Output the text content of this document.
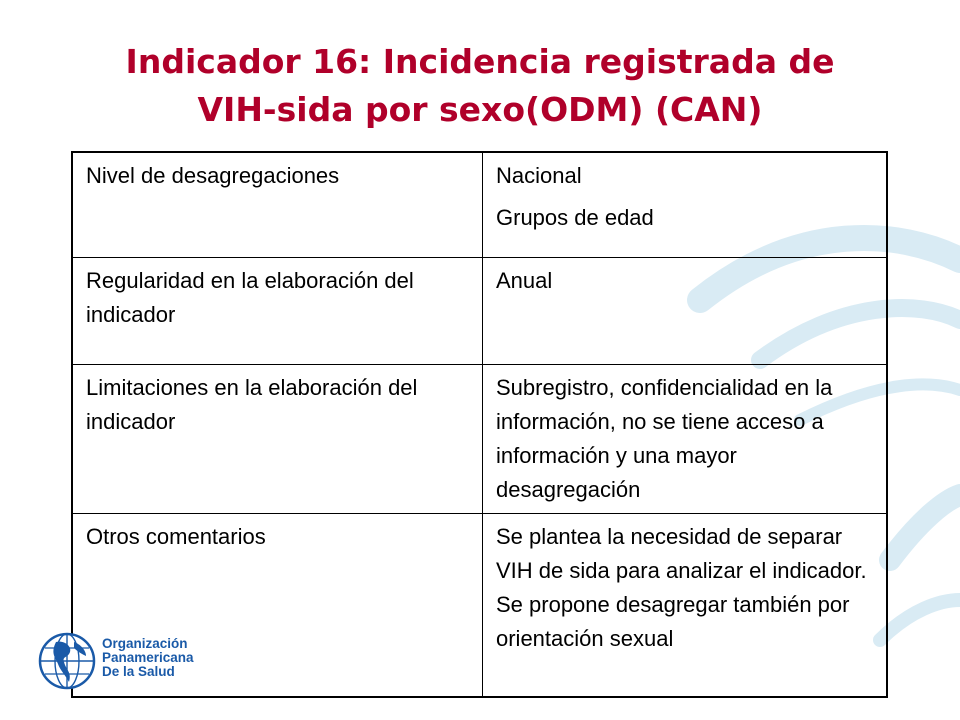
Indicador 16: Incidencia registrada de
VIH-sida por sexo(ODM) (CAN)
Nivel de desagregaciones	Nacional
Grupos de edad

Regularidad en la elaboración del indicador	Anual
Limitaciones en la elaboración del indicador	Subregistro, confidencialidad en la información, no se tiene acceso a información y una mayor desagregación
Otros comentarios	Se plantea la necesidad de separar VIH de sida para analizar el indicador. Se propone desagregar también por orientación sexual
Organización
Panamericana
De la Salud
